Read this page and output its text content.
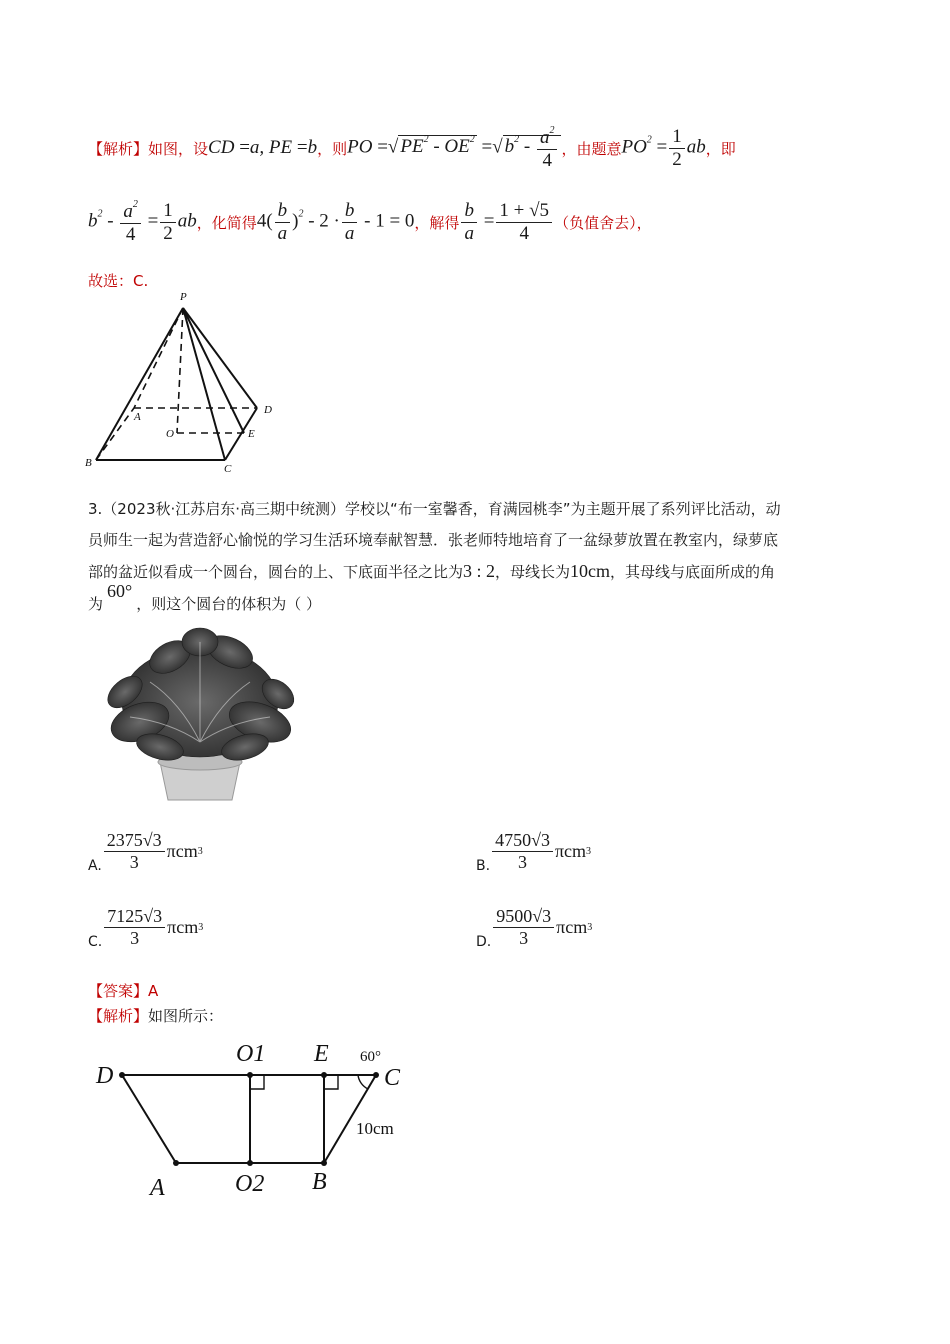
【解析】 如图，设 CD =a, PE =b ，则 PO =√ $PE^2 - OE^2$ =√ $b^2 - \frac{a^2}{4}$ ，由题意 $PO^2 = \frac{1}{2}$ ab ，即
$b^2 - \frac{a^2}{4} = \frac{1}{2}$ ab ，化简得 $4( \frac{b}{a} )^2 - 2 \cdot \frac{b}{a} - 1 = 0$ ，解得 $\frac{b}{a} = \frac{1 + √5}{4}$ （负值舍去），
故选：C.
P
A
O	E
D
B	C
3.（2023秋·江苏启东·高三期中统测）学校以“布一室馨香，育满园桃李”为主题开展了系列评比活动，动
员师生一起为营造舒心愉悦的学习生活环境奉献智慧．张老师特地培育了一盆绿萝放置在教室内，绿萝底
部的盆近似看成一个圆台，圆台的上、下底面半径之比为3 : 2，母线长为10cm，其母线与底面所成的角
为60°，则这个圆台的体积为（ ）
A. $\frac{2375√3}{3}$ πcm 3
B. $\frac{4750√3}{3}$ πcm 3
C. $\frac{7125√3}{3}$ πcm 3
D. $\frac{9500√3}{3}$ πcm 3
【答案】A
【解析】如图所示：
D
O1 E
C
A	O2 B
60°
10cm
